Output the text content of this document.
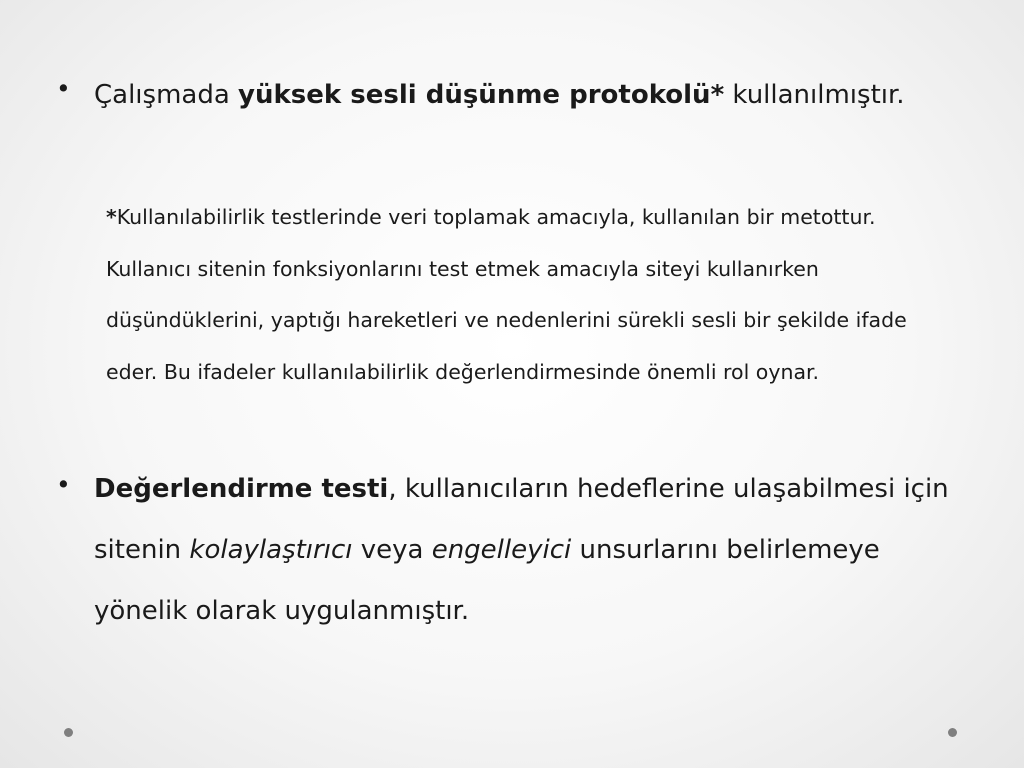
• Çalışmada yüksek sesli düşünme protokolü* kullanılmıştır.
*Kullanılabilirlik testlerinde veri toplamak amacıyla, kullanılan bir metottur. Kullanıcı sitenin fonksiyonlarını test etmek amacıyla siteyi kullanırken düşündüklerini, yaptığı hareketleri ve nedenlerini sürekli sesli bir şekilde ifade eder. Bu ifadeler kullanılabilirlik değerlendirmesinde önemli rol oynar.
• Değerlendirme testi, kullanıcıların hedeflerine ulaşabilmesi için sitenin kolaylaştırıcı veya engelleyici unsurlarını belirlemeye yönelik olarak uygulanmıştır.
